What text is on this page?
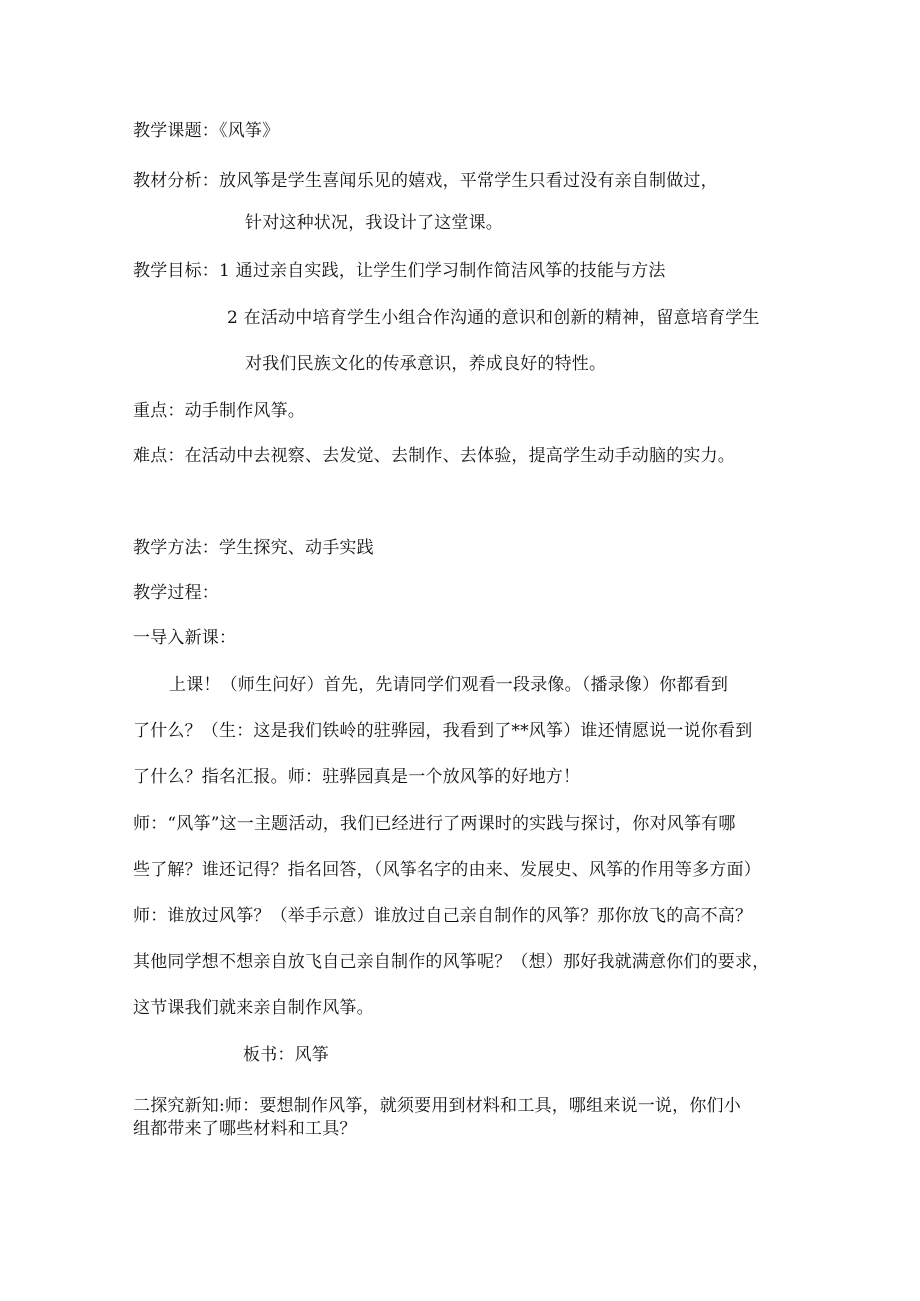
教学课题：《风筝》
教材分析：放风筝是学生喜闻乐见的嬉戏，平常学生只看过没有亲自制做过，
针对这种状况，我设计了这堂课。
教学目标：1 通过亲自实践，让学生们学习制作简洁风筝的技能与方法
2 在活动中培育学生小组合作沟通的意识和创新的精神，留意培育学生
对我们民族文化的传承意识，养成良好的特性。
重点：动手制作风筝。
难点：在活动中去视察、去发觉、去制作、去体验，提高学生动手动脑的实力。
教学方法：学生探究、动手实践
教学过程：
一导入新课：
上课！（师生问好）首先，先请同学们观看一段录像。（播录像）你都看到
了什么？（生：这是我们铁岭的驻骅园，我看到了**风筝）谁还情愿说一说你看到
了什么？指名汇报。师：驻骅园真是一个放风筝的好地方！
师：“风筝”这一主题活动，我们已经进行了两课时的实践与探讨，你对风筝有哪
些了解？谁还记得？指名回答，（风筝名字的由来、发展史、风筝的作用等多方面）
师：谁放过风筝？（举手示意）谁放过自己亲自制作的风筝？那你放飞的高不高？
其他同学想不想亲自放飞自己亲自制作的风筝呢？（想）那好我就满意你们的要求，
这节课我们就来亲自制作风筝。
板书：风筝
二探究新知:师：要想制作风筝，就须要用到材料和工具，哪组来说一说，你们小
组都带来了哪些材料和工具？
